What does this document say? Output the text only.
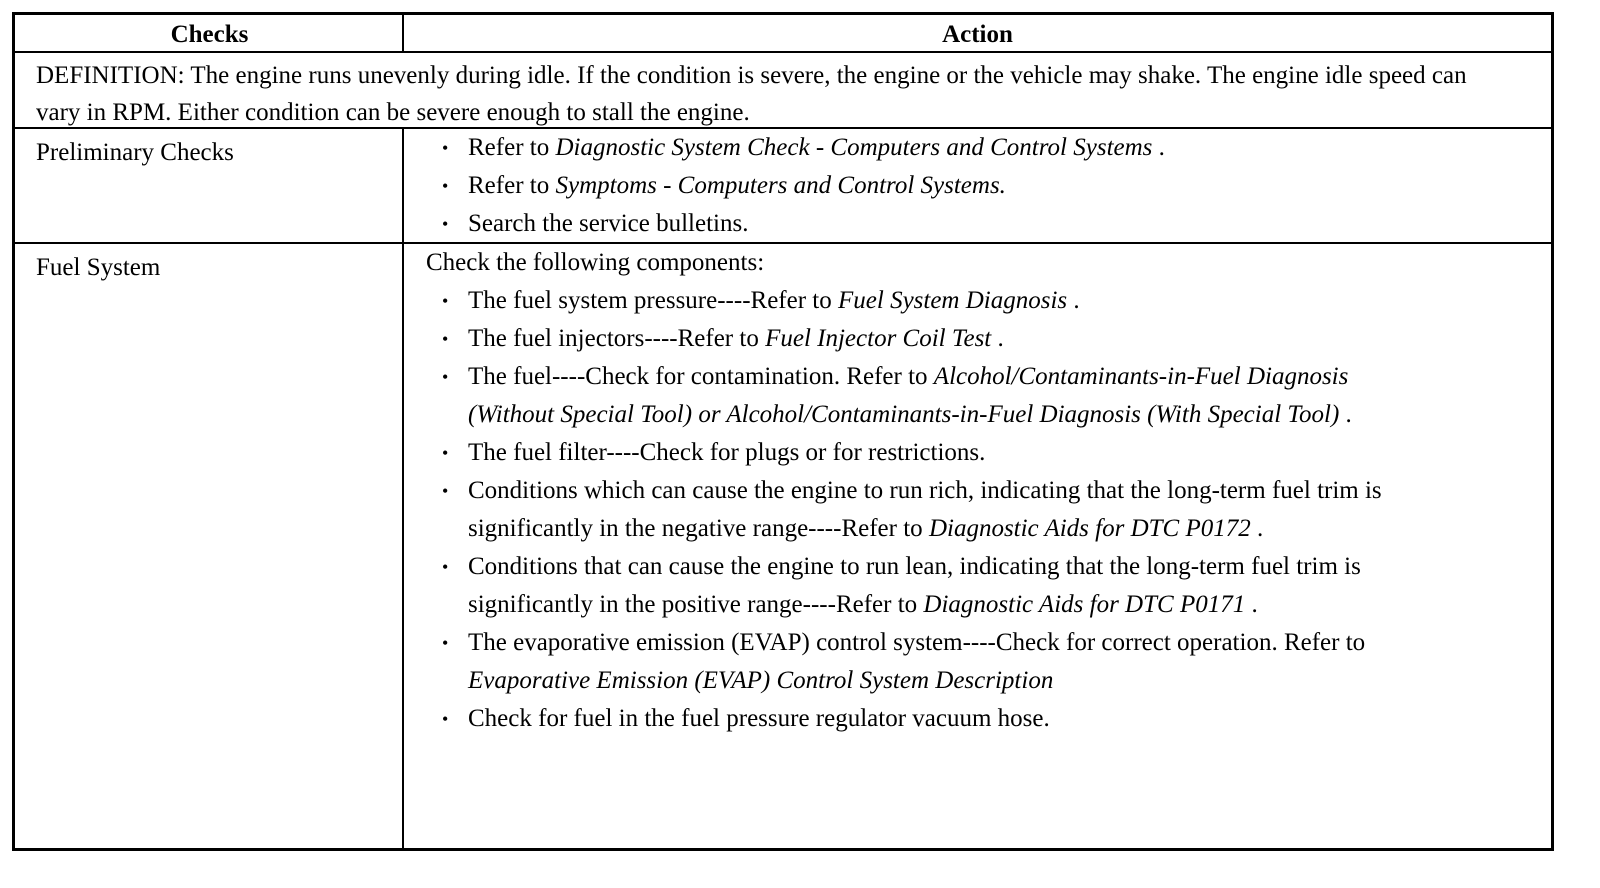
Checks	Action
DEFINITION: The engine runs unevenly during idle. If the condition is severe, the engine or the vehicle may shake. The engine idle speed can vary in RPM. Either condition can be severe enough to stall the engine.
Preliminary Checks	• Refer to Diagnostic System Check - Computers and Control Systems .
• Refer to Symptoms - Computers and Control Systems.
• Search the service bulletins.
Fuel System	Check the following components:
• The fuel system pressure----Refer to Fuel System Diagnosis .
• The fuel injectors----Refer to Fuel Injector Coil Test .
• The fuel----Check for contamination. Refer to Alcohol/Contaminants-in-Fuel Diagnosis (Without Special Tool) or Alcohol/Contaminants-in-Fuel Diagnosis (With Special Tool) .
• The fuel filter----Check for plugs or for restrictions.
• Conditions which can cause the engine to run rich, indicating that the long-term fuel trim is significantly in the negative range----Refer to Diagnostic Aids for DTC P0172 .
• Conditions that can cause the engine to run lean, indicating that the long-term fuel trim is significantly in the positive range----Refer to Diagnostic Aids for DTC P0171 .
• The evaporative emission (EVAP) control system----Check for correct operation. Refer to Evaporative Emission (EVAP) Control System Description
• Check for fuel in the fuel pressure regulator vacuum hose.
